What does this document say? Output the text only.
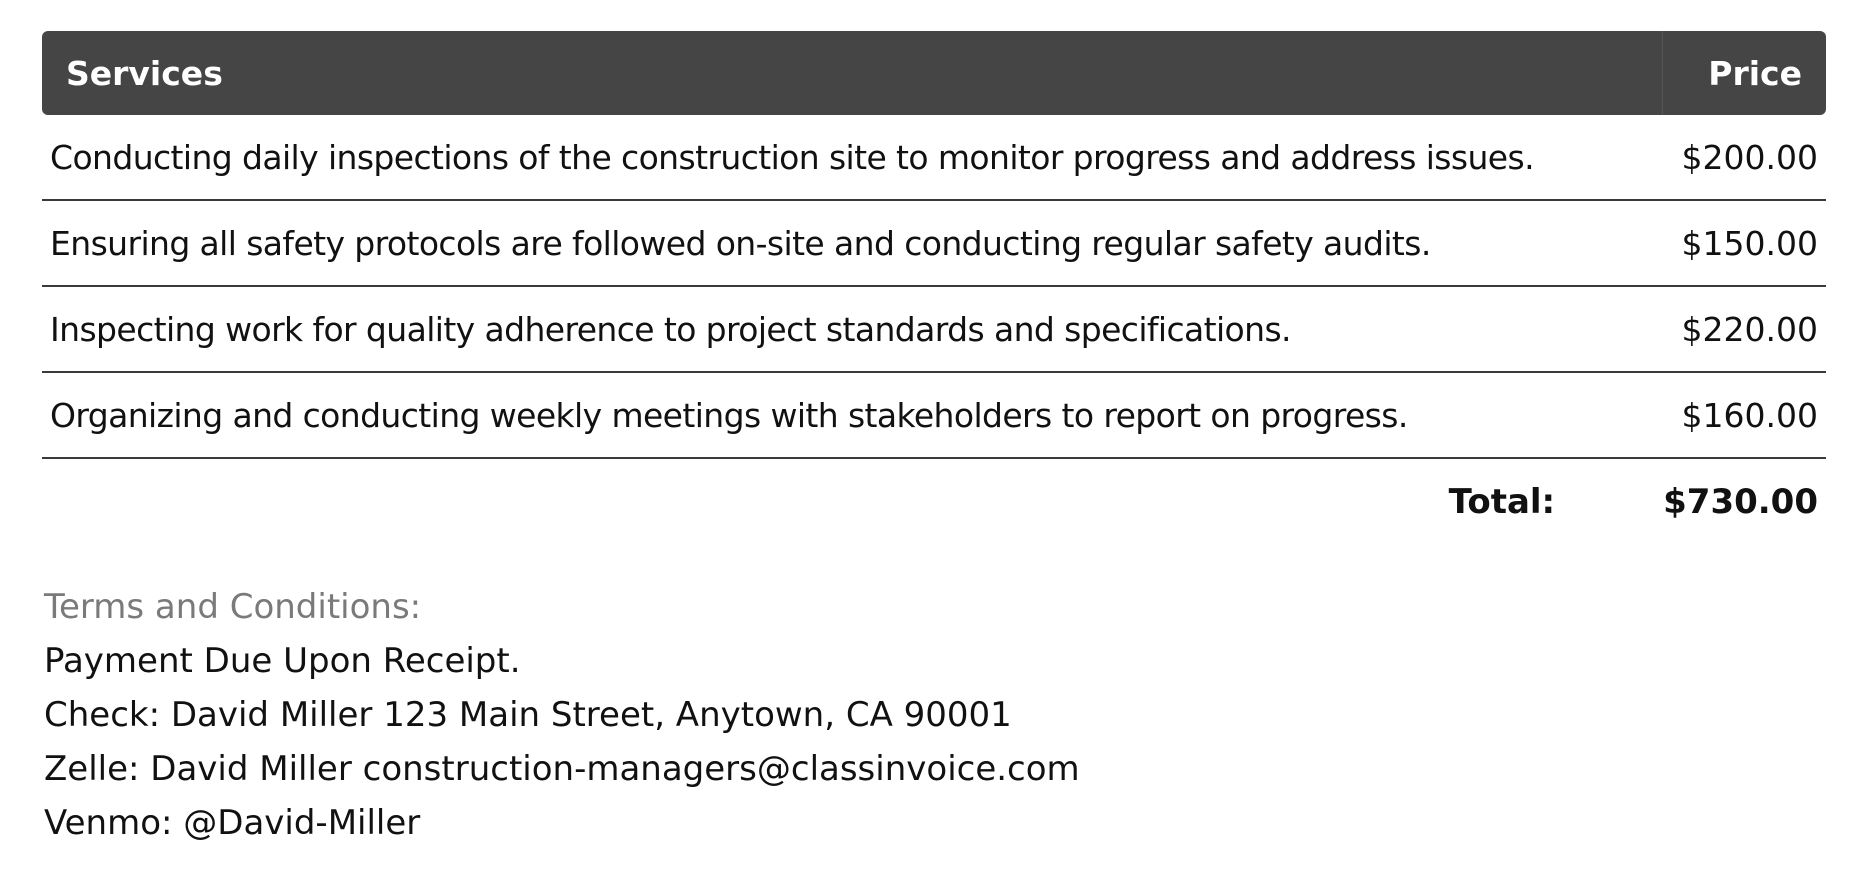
Services	Price
Conducting daily inspections of the construction site to monitor progress and address issues.	$200.00
Ensuring all safety protocols are followed on-site and conducting regular safety audits.	$150.00
Inspecting work for quality adherence to project standards and specifications.	$220.00
Organizing and conducting weekly meetings with stakeholders to report on progress.	$160.00
Total:	$730.00
Terms and Conditions:
Payment Due Upon Receipt.
Check: David Miller 123 Main Street, Anytown, CA 90001
Zelle: David Miller construction-managers@classinvoice.com
Venmo: @David-Miller
